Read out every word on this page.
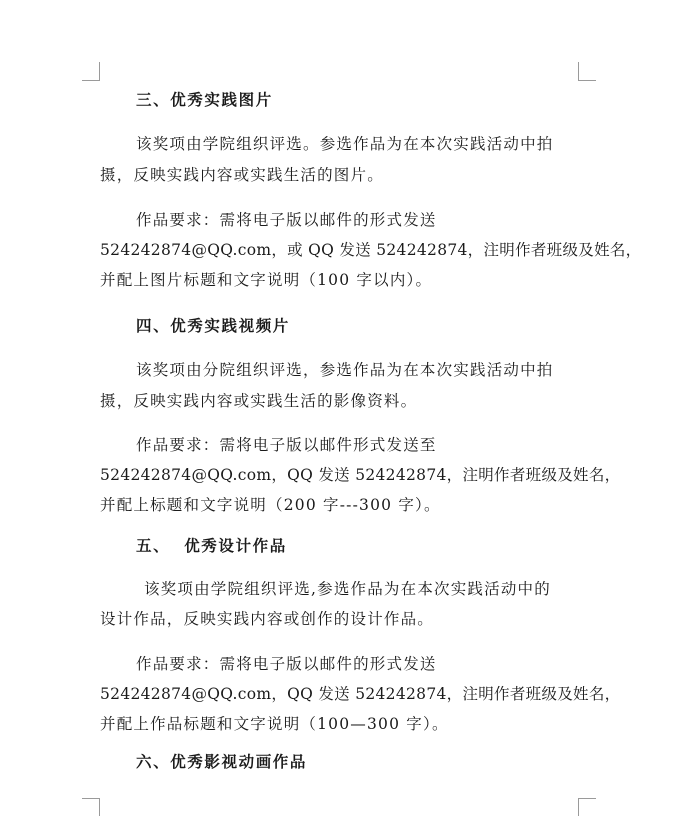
三、优秀实践图片
该奖项由学院组织评选。参选作品为在本次实践活动中拍
摄，反映实践内容或实践生活的图片。
作品要求：需将电子版以邮件的形式发送
524242874@QQ.com，或 QQ 发送 524242874，注明作者班级及姓名，
并配上图片标题和文字说明（100 字以内）。
四、优秀实践视频片
该奖项由分院组织评选，参选作品为在本次实践活动中拍
摄，反映实践内容或实践生活的影像资料。
作品要求：需将电子版以邮件形式发送至
524242874@QQ.com，QQ 发送 524242874，注明作者班级及姓名，
并配上标题和文字说明（200 字---300 字）。
五、  优秀设计作品
该奖项由学院组织评选,参选作品为在本次实践活动中的
设计作品，反映实践内容或创作的设计作品。
作品要求：需将电子版以邮件的形式发送
524242874@QQ.com，QQ 发送 524242874，注明作者班级及姓名，
并配上作品标题和文字说明（100—300 字）。
六、优秀影视动画作品
